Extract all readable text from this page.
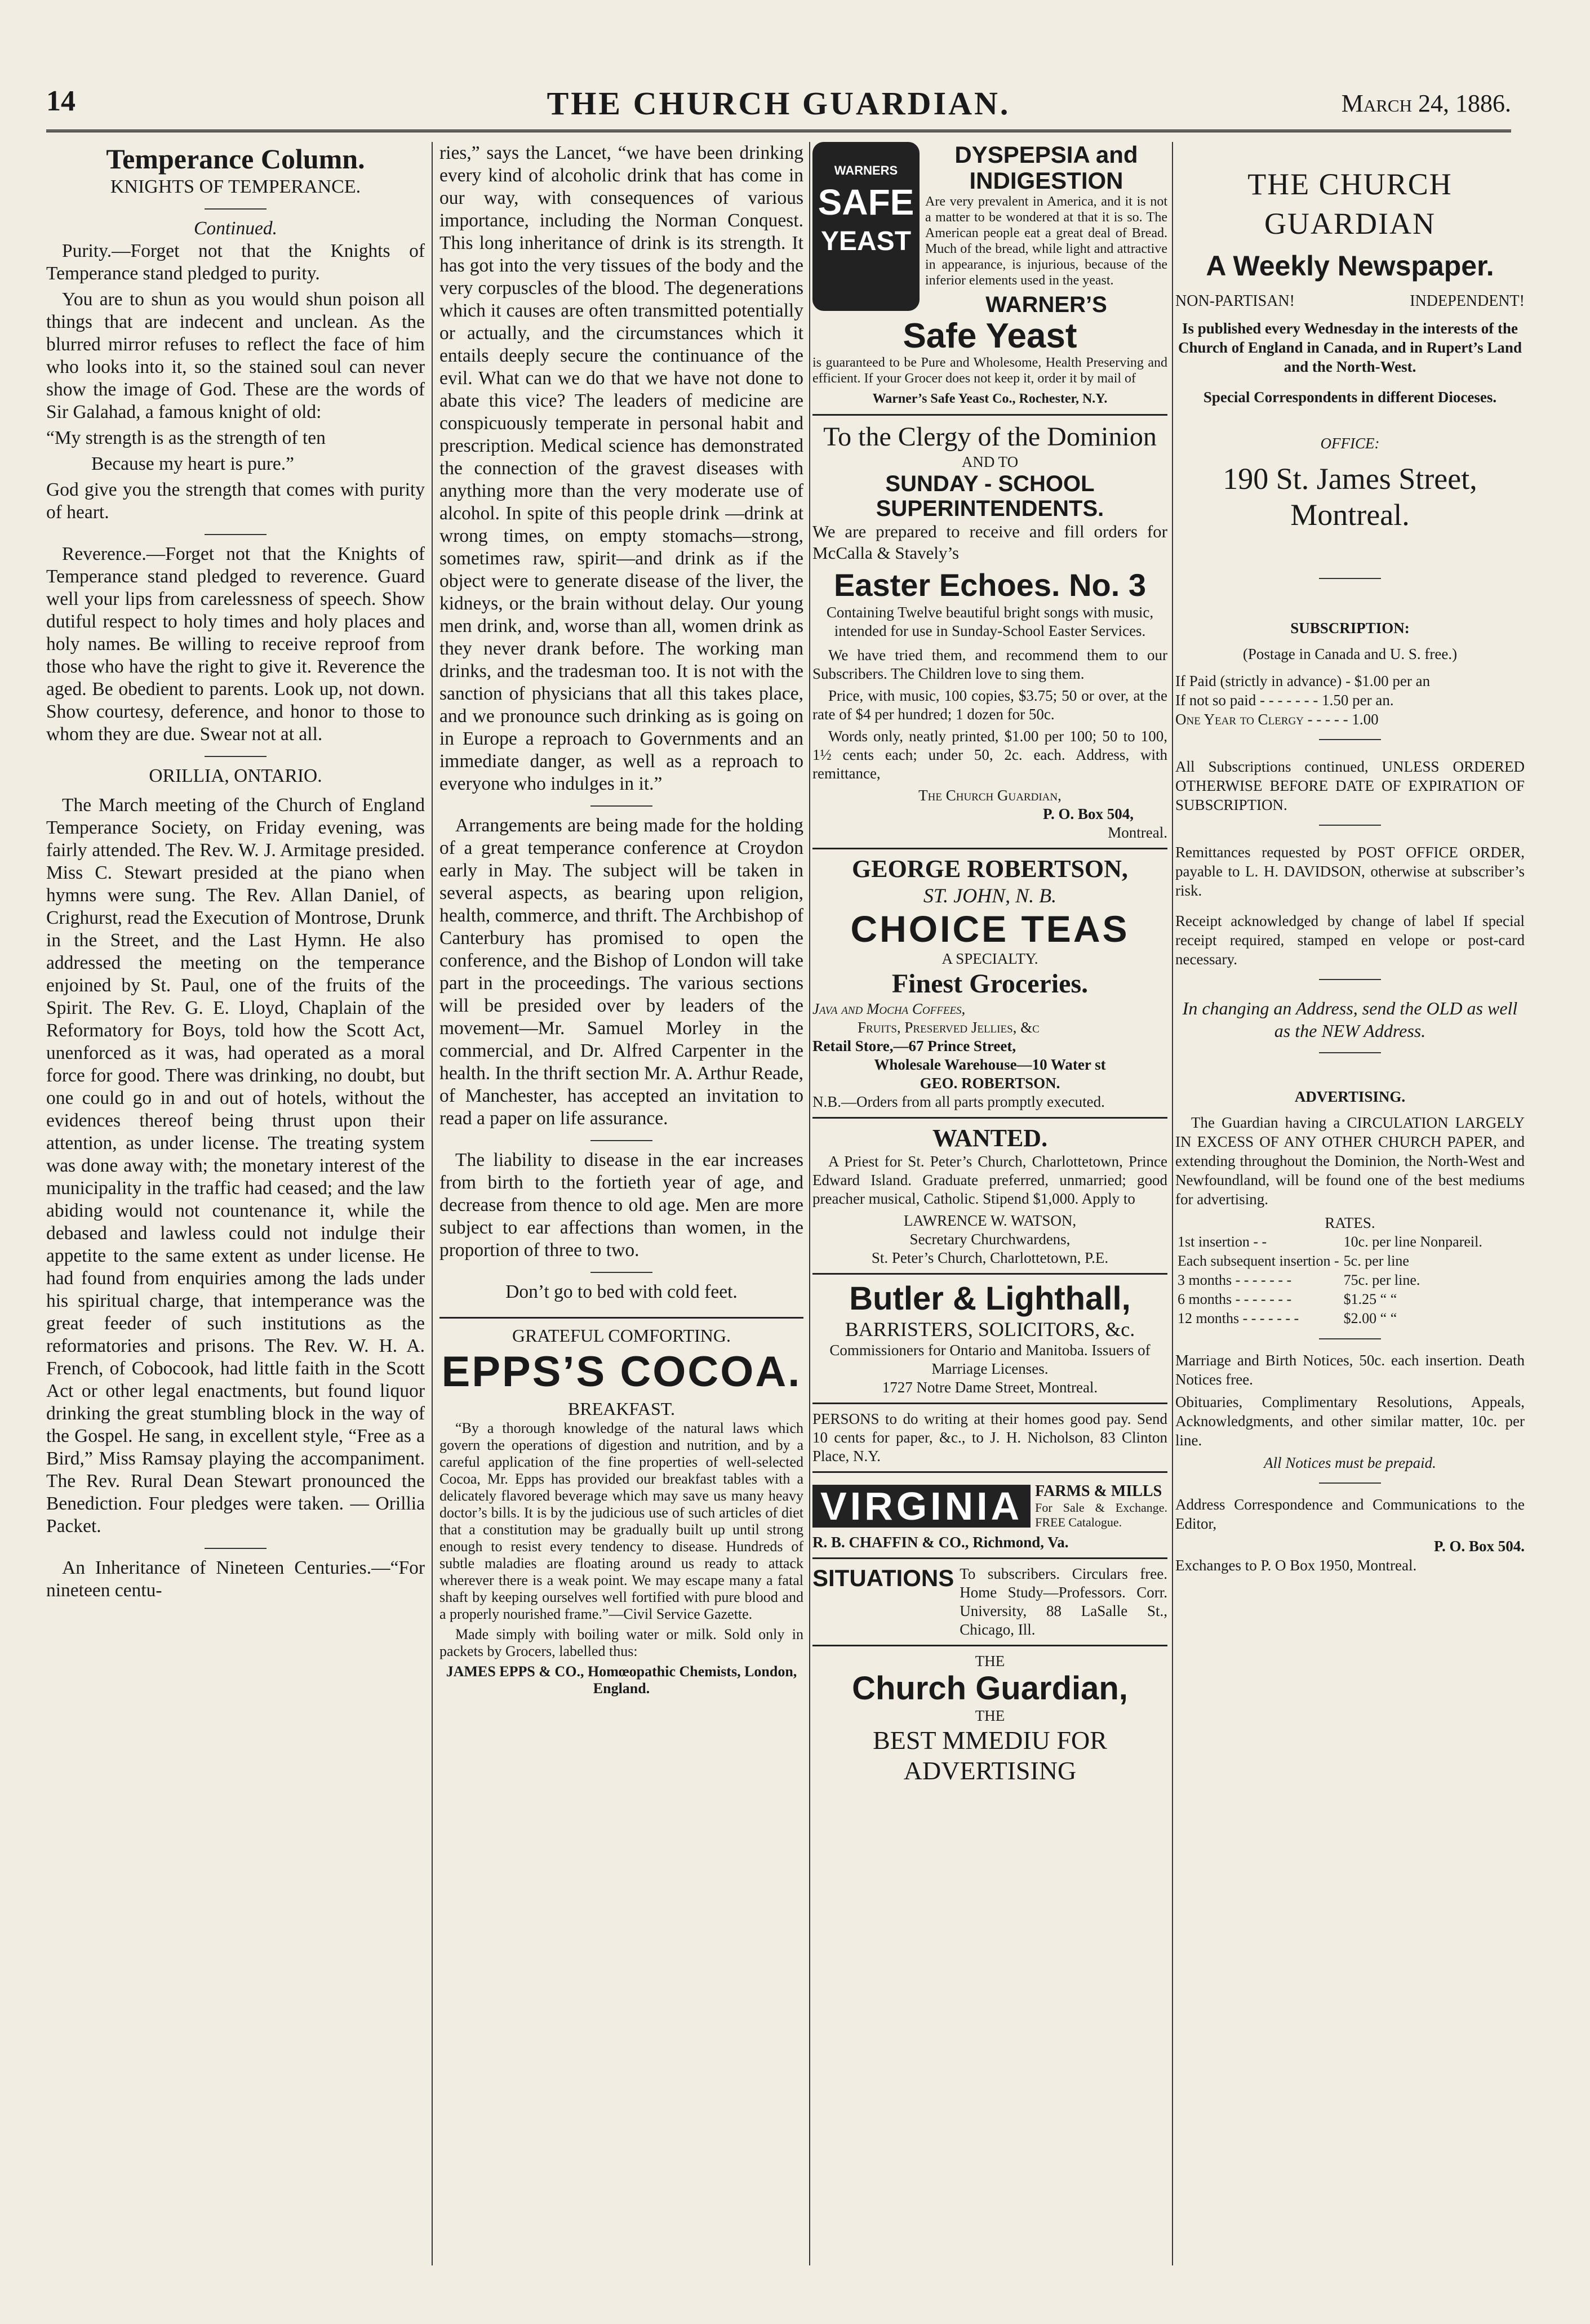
14	THE CHURCH GUARDIAN.	March 24, 1886.
Temperance Column.
KNIGHTS OF TEMPERANCE.
Continued.

Purity.—Forget not that the Knights of Temperance stand pledged to purity.

You are to shun as you would shun poison all things that are indecent and unclean. As the blurred mirror refuses to reflect the face of him who looks into it, so the stained soul can never show the image of God. These are the words of Sir Galahad, a famous knight of old:

“My strength is as the strength of ten

Because my heart is pure.”

God give you the strength that comes with purity of heart.

Reverence.—Forget not that the Knights of Temperance stand pledged to reverence. Guard well your lips from carelessness of speech. Show dutiful respect to holy times and holy places and holy names. Be willing to receive reproof from those who have the right to give it. Reverence the aged. Be obedient to parents. Look up, not down. Show courtesy, deference, and honor to those to whom they are due. Swear not at all.

ORILLIA, ONTARIO.

The March meeting of the Church of England Temperance Society, on Friday evening, was fairly attended. The Rev. W. J. Armitage presided. Miss C. Stewart presided at the piano when hymns were sung. The Rev. Allan Daniel, of Crighurst, read the Execution of Montrose, Drunk in the Street, and the Last Hymn. He also addressed the meeting on the temperance enjoined by St. Paul, one of the fruits of the Spirit. The Rev. G. E. Lloyd, Chaplain of the Reformatory for Boys, told how the Scott Act, unenforced as it was, had operated as a moral force for good. There was drinking, no doubt, but one could go in and out of hotels, without the evidences thereof being thrust upon their attention, as under license. The treating system was done away with; the monetary interest of the municipality in the traffic had ceased; and the law abiding would not countenance it, while the debased and lawless could not indulge their appetite to the same extent as under license. He had found from enquiries among the lads under his spiritual charge, that intemperance was the great feeder of such institutions as the reformatories and prisons. The Rev. W. H. A. French, of Cobocook, had little faith in the Scott Act or other legal enactments, but found liquor drinking the great stumbling block in the way of the Gospel. He sang, in excellent style, “Free as a Bird,” Miss Ramsay playing the accompaniment. The Rev. Rural Dean Stewart pronounced the Benediction. Four pledges were taken. — Orillia Packet.

An Inheritance of Nineteen Centuries.—“For nineteen centu-

ries,” says the Lancet, “we have been drinking every kind of alcoholic drink that has come in our way, with consequences of various importance, including the Norman Conquest. This long inheritance of drink is its strength. It has got into the very tissues of the body and the very corpuscles of the blood. The degenerations which it causes are often transmitted potentially or actually, and the circumstances which it entails deeply secure the continuance of the evil. What can we do that we have not done to abate this vice? The leaders of medicine are conspicuously temperate in personal habit and prescription. Medical science has demonstrated the connection of the gravest diseases with anything more than the very moderate use of alcohol. In spite of this people drink —drink at wrong times, on empty stomachs—strong, sometimes raw, spirit—and drink as if the object were to generate disease of the liver, the kidneys, or the brain without delay. Our young men drink, and, worse than all, women drink as they never drank before. The working man drinks, and the tradesman too. It is not with the sanction of physicians that all this takes place, and we pronounce such drinking as is going on in Europe a reproach to Governments and an immediate danger, as well as a reproach to everyone who indulges in it.”

Arrangements are being made for the holding of a great temperance conference at Croydon early in May. The subject will be taken in several aspects, as bearing upon religion, health, commerce, and thrift. The Archbishop of Canterbury has promised to open the conference, and the Bishop of London will take part in the proceedings. The various sections will be presided over by leaders of the movement—Mr. Samuel Morley in the commercial, and Dr. Alfred Carpenter in the health. In the thrift section Mr. A. Arthur Reade, of Manchester, has accepted an invitation to read a paper on life assurance.

The liability to disease in the ear increases from birth to the fortieth year of age, and decrease from thence to old age. Men are more subject to ear affections than women, in the proportion of three to two.

Don’t go to bed with cold feet.
GRATEFUL COMFORTING.
EPPS’S COCOA.
BREAKFAST.

“By a thorough knowledge of the natural laws which govern the operations of digestion and nutrition, and by a careful application of the fine properties of well-selected Cocoa, Mr. Epps has provided our breakfast tables with a delicately flavored beverage which may save us many heavy doctor’s bills. It is by the judicious use of such articles of diet that a constitution may be gradually built up until strong enough to resist every tendency to disease. Hundreds of subtle maladies are floating around us ready to attack wherever there is a weak point. We may escape many a fatal shaft by keeping ourselves well fortified with pure blood and a properly nourished frame.”—Civil Service Gazette.

Made simply with boiling water or milk. Sold only in packets by Grocers, labelled thus:

JAMES EPPS & CO., Homœopathic Chemists, London, England.
WARNERS
SAFE
YEAST
DYSPEPSIA and INDIGESTION

Are very prevalent in America, and it is not a matter to be wondered at that it is so. The American people eat a great deal of Bread. Much of the bread, while light and attractive in appearance, is injurious, because of the inferior elements used in the yeast.

WARNER’S
Safe Yeast

is guaranteed to be Pure and Wholesome, Health Preserving and efficient. If your Grocer does not keep it, order it by mail of

Warner’s Safe Yeast Co., Rochester, N.Y.
To the Clergy of the Dominion
AND TO
SUNDAY - SCHOOL SUPERINTENDENTS.

We are prepared to receive and fill orders for McCalla & Stavely’s

Easter Echoes. No. 3
Containing Twelve beautiful bright songs with music, intended for use in Sunday-School Easter Services.

We have tried them, and recommend them to our Subscribers. The Children love to sing them.

Price, with music, 100 copies, $3.75; 50 or over, at the rate of $4 per hundred; 1 dozen for 50c.

Words only, neatly printed, $1.00 per 100; 50 to 100, 1½ cents each; under 50, 2c. each. Address, with remittance,

The Church Guardian,
P. O. Box 504,
Montreal.
GEORGE ROBERTSON,
ST. JOHN, N. B.
CHOICE TEAS
A SPECIALTY.
Finest Groceries.
Java and Mocha Coffees,
Fruits, Preserved Jellies, &c
Retail Store,—67 Prince Street,
Wholesale Warehouse—10 Water st
GEO. ROBERTSON.
N.B.—Orders from all parts promptly executed.
WANTED.

A Priest for St. Peter’s Church, Charlottetown, Prince Edward Island. Graduate preferred, unmarried; good preacher musical, Catholic. Stipend $1,000. Apply to

LAWRENCE W. WATSON,
Secretary Churchwardens,
St. Peter’s Church, Charlottetown, P.E.
Butler & Lighthall,
BARRISTERS, SOLICITORS, &c.
Commissioners for Ontario and Manitoba. Issuers of Marriage Licenses.
1727 Notre Dame Street, Montreal.

PERSONS to do writing at their homes good pay. Send 10 cents for paper, &c., to J. H. Nicholson, 83 Clinton Place, N.Y.

VIRGINIA FARMS & MILLS
For Sale & Exchange. FREE Catalogue.
R. B. CHAFFIN & CO., Richmond, Va.
SITUATIONS To subscribers. Circulars free. Home Study—Professors. Corr. University, 88 LaSalle St., Chicago, Ill.
THE
Church Guardian,
THE
BEST MMEDIU FOR ADVERTISING
THE CHURCH GUARDIAN
A Weekly Newspaper.
NON-PARTISAN!	INDEPENDENT!

Is published every Wednesday in the interests of the Church of England in Canada, and in Rupert’s Land and the North-West.

Special Correspondents in different Dioceses.

OFFICE:
190 St. James Street, Montreal.
SUBSCRIPTION:
(Postage in Canada and U. S. free.)
If Paid (strictly in advance) - $1.00 per an
If not so paid - - - - - - - 1.50 per an.
One Year to Clergy - - - - - 1.00

All Subscriptions continued, UNLESS ORDERED OTHERWISE BEFORE DATE OF EXPIRATION OF SUBSCRIPTION.

Remittances requested by POST OFFICE ORDER, payable to L. H. DAVIDSON, otherwise at subscriber’s risk.

Receipt acknowledged by change of label If special receipt required, stamped en velope or post-card necessary.

In changing an Address, send the OLD as well as the NEW Address.

ADVERTISING.

The Guardian having a CIRCULATION LARGELY IN EXCESS OF ANY OTHER CHURCH PAPER, and extending throughout the Dominion, the North-West and Newfoundland, will be found one of the best mediums for advertising.

RATES.
1st insertion - -	10c. per line Nonpareil.
Each subsequent insertion -	5c. per line
3 months - - - - - - -	75c. per line.
6 months - - - - - - -	$1.25 “ “
12 months - - - - - - -	$2.00 “ “

Marriage and Birth Notices, 50c. each insertion. Death Notices free.

Obituaries, Complimentary Resolutions, Appeals, Acknowledgments, and other similar matter, 10c. per line.

All Notices must be prepaid.

Address Correspondence and Communications to the Editor,

P. O. Box 504.
Exchanges to P. O Box 1950, Montreal.
